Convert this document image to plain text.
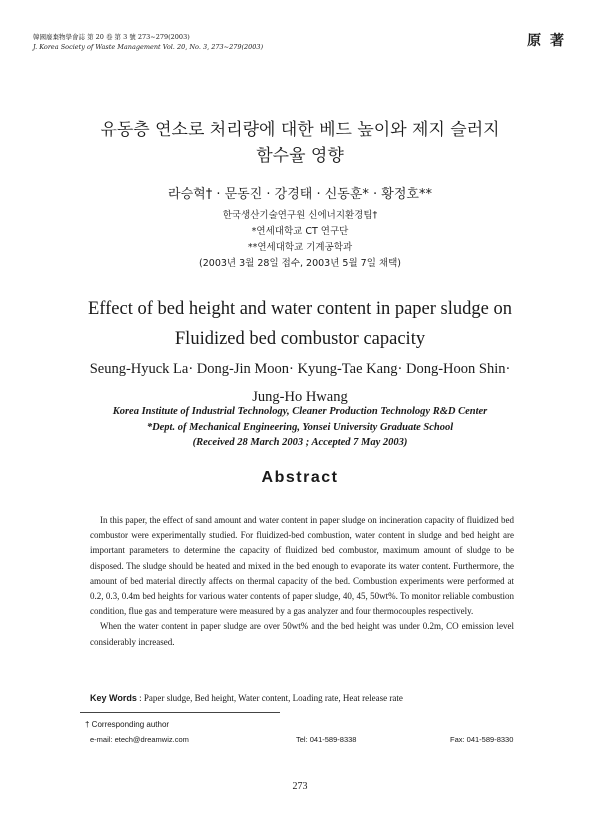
韓國廢棄物學會誌 第 20 卷 第 3 號 273~279(2003)
J. Korea Society of Waste Management Vol. 20, No. 3, 273~279(2003)	原 著
유동층 연소로 처리량에 대한 베드 높이와 제지 슬러지
함수율 영향
라승혁† · 문동진 · 강경태 · 신동훈* · 황정호**
한국생산기술연구원 신에너지환경팀†
*연세대학교 CT 연구단
**연세대학교 기계공학과
(2003년 3월 28일 접수, 2003년 5월 7일 채택)
Effect of bed height and water content in paper sludge on
Fluidized bed combustor capacity
Seung-Hyuck La· Dong-Jin Moon· Kyung-Tae Kang· Dong-Hoon Shin·
Jung-Ho Hwang
Korea Institute of Industrial Technology, Cleaner Production Technology R&D Center
*Dept. of Mechanical Engineering, Yonsei University Graduate School
(Received 28 March 2003 ; Accepted 7 May 2003)
Abstract

In this paper, the effect of sand amount and water content in paper sludge on incineration capacity of fluidized bed combustor were experimentally studied. For fluidized-bed combustion, water content in sludge and bed height are important parameters to determine the capacity of fluidized bed combustor, maximum amount of sludge to be disposed. The sludge should be heated and mixed in the bed enough to evaporate its water content. Furthermore, the amount of bed material directly affects on thermal capacity of the bed. Combustion experiments were performed at 0.2, 0.3, 0.4m bed heights for various water contents of paper sludge, 40, 45, 50wt%. To monitor reliable combustion condition, flue gas and temperature were measured by a gas analyzer and four thermocouples respectively.

When the water content in paper sludge are over 50wt% and the bed height was under 0.2m, CO emission level considerably increased.

Key Words : Paper sludge, Bed height, Water content, Loading rate, Heat release rate
† Corresponding author
e-mail: etech@dreamwiz.com	Tel: 041-589-8338	Fax: 041-589-8330
273
